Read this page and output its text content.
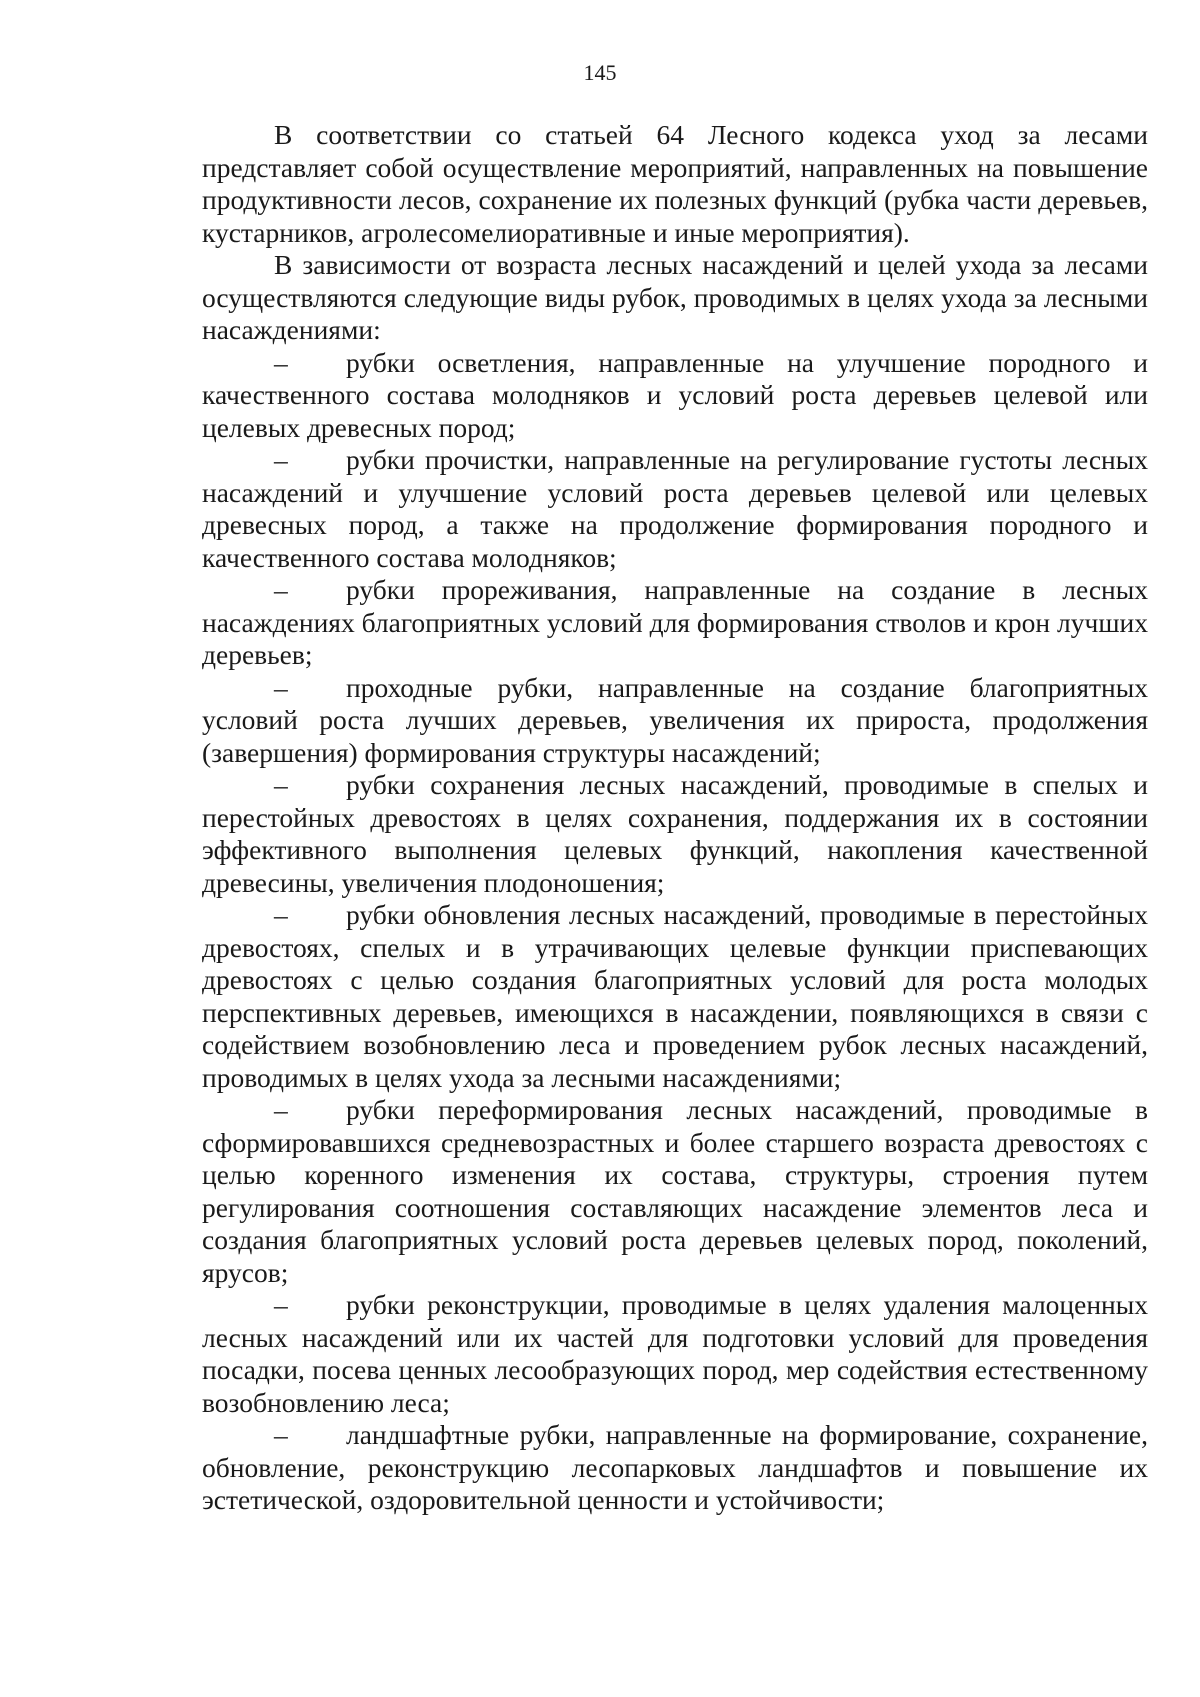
145

В соответствии со статьей 64 Лесного кодекса уход за лесами представляет собой осуществление мероприятий, направленных на повышение продуктивности лесов, сохранение их полезных функций (рубка части деревьев, кустарников, агролесомелиоративные и иные мероприятия).

В зависимости от возраста лесных насаждений и целей ухода за лесами осуществляются следующие виды рубок, проводимых в целях ухода за лесными насаждениями:

– рубки осветления, направленные на улучшение породного и качественного состава молодняков и условий роста деревьев целевой или целевых древесных пород;

– рубки прочистки, направленные на регулирование густоты лесных насаждений и улучшение условий роста деревьев целевой или целевых древесных пород, а также на продолжение формирования породного и качественного состава молодняков;

– рубки прореживания, направленные на создание в лесных насаждениях благоприятных условий для формирования стволов и крон лучших деревьев;

– проходные рубки, направленные на создание благоприятных условий роста лучших деревьев, увеличения их прироста, продолжения (завершения) формирования структуры насаждений;

– рубки сохранения лесных насаждений, проводимые в спелых и перестойных древостоях в целях сохранения, поддержания их в состоянии эффективного выполнения целевых функций, накопления качественной древесины, увеличения плодоношения;

– рубки обновления лесных насаждений, проводимые в перестойных древостоях, спелых и в утрачивающих целевые функции приспевающих древостоях с целью создания благоприятных условий для роста молодых перспективных деревьев, имеющихся в насаждении, появляющихся в связи с содействием возобновлению леса и проведением рубок лесных насаждений, проводимых в целях ухода за лесными насаждениями;

– рубки переформирования лесных насаждений, проводимые в сформировавшихся средневозрастных и более старшего возраста древостоях с целью коренного изменения их состава, структуры, строения путем регулирования соотношения составляющих насаждение элементов леса и создания благоприятных условий роста деревьев целевых пород, поколений, ярусов;

– рубки реконструкции, проводимые в целях удаления малоценных лесных насаждений или их частей для подготовки условий для проведения посадки, посева ценных лесообразующих пород, мер содействия естественному возобновлению леса;

– ландшафтные рубки, направленные на формирование, сохранение, обновление, реконструкцию лесопарковых ландшафтов и повышение их эстетической, оздоровительной ценности и устойчивости;
